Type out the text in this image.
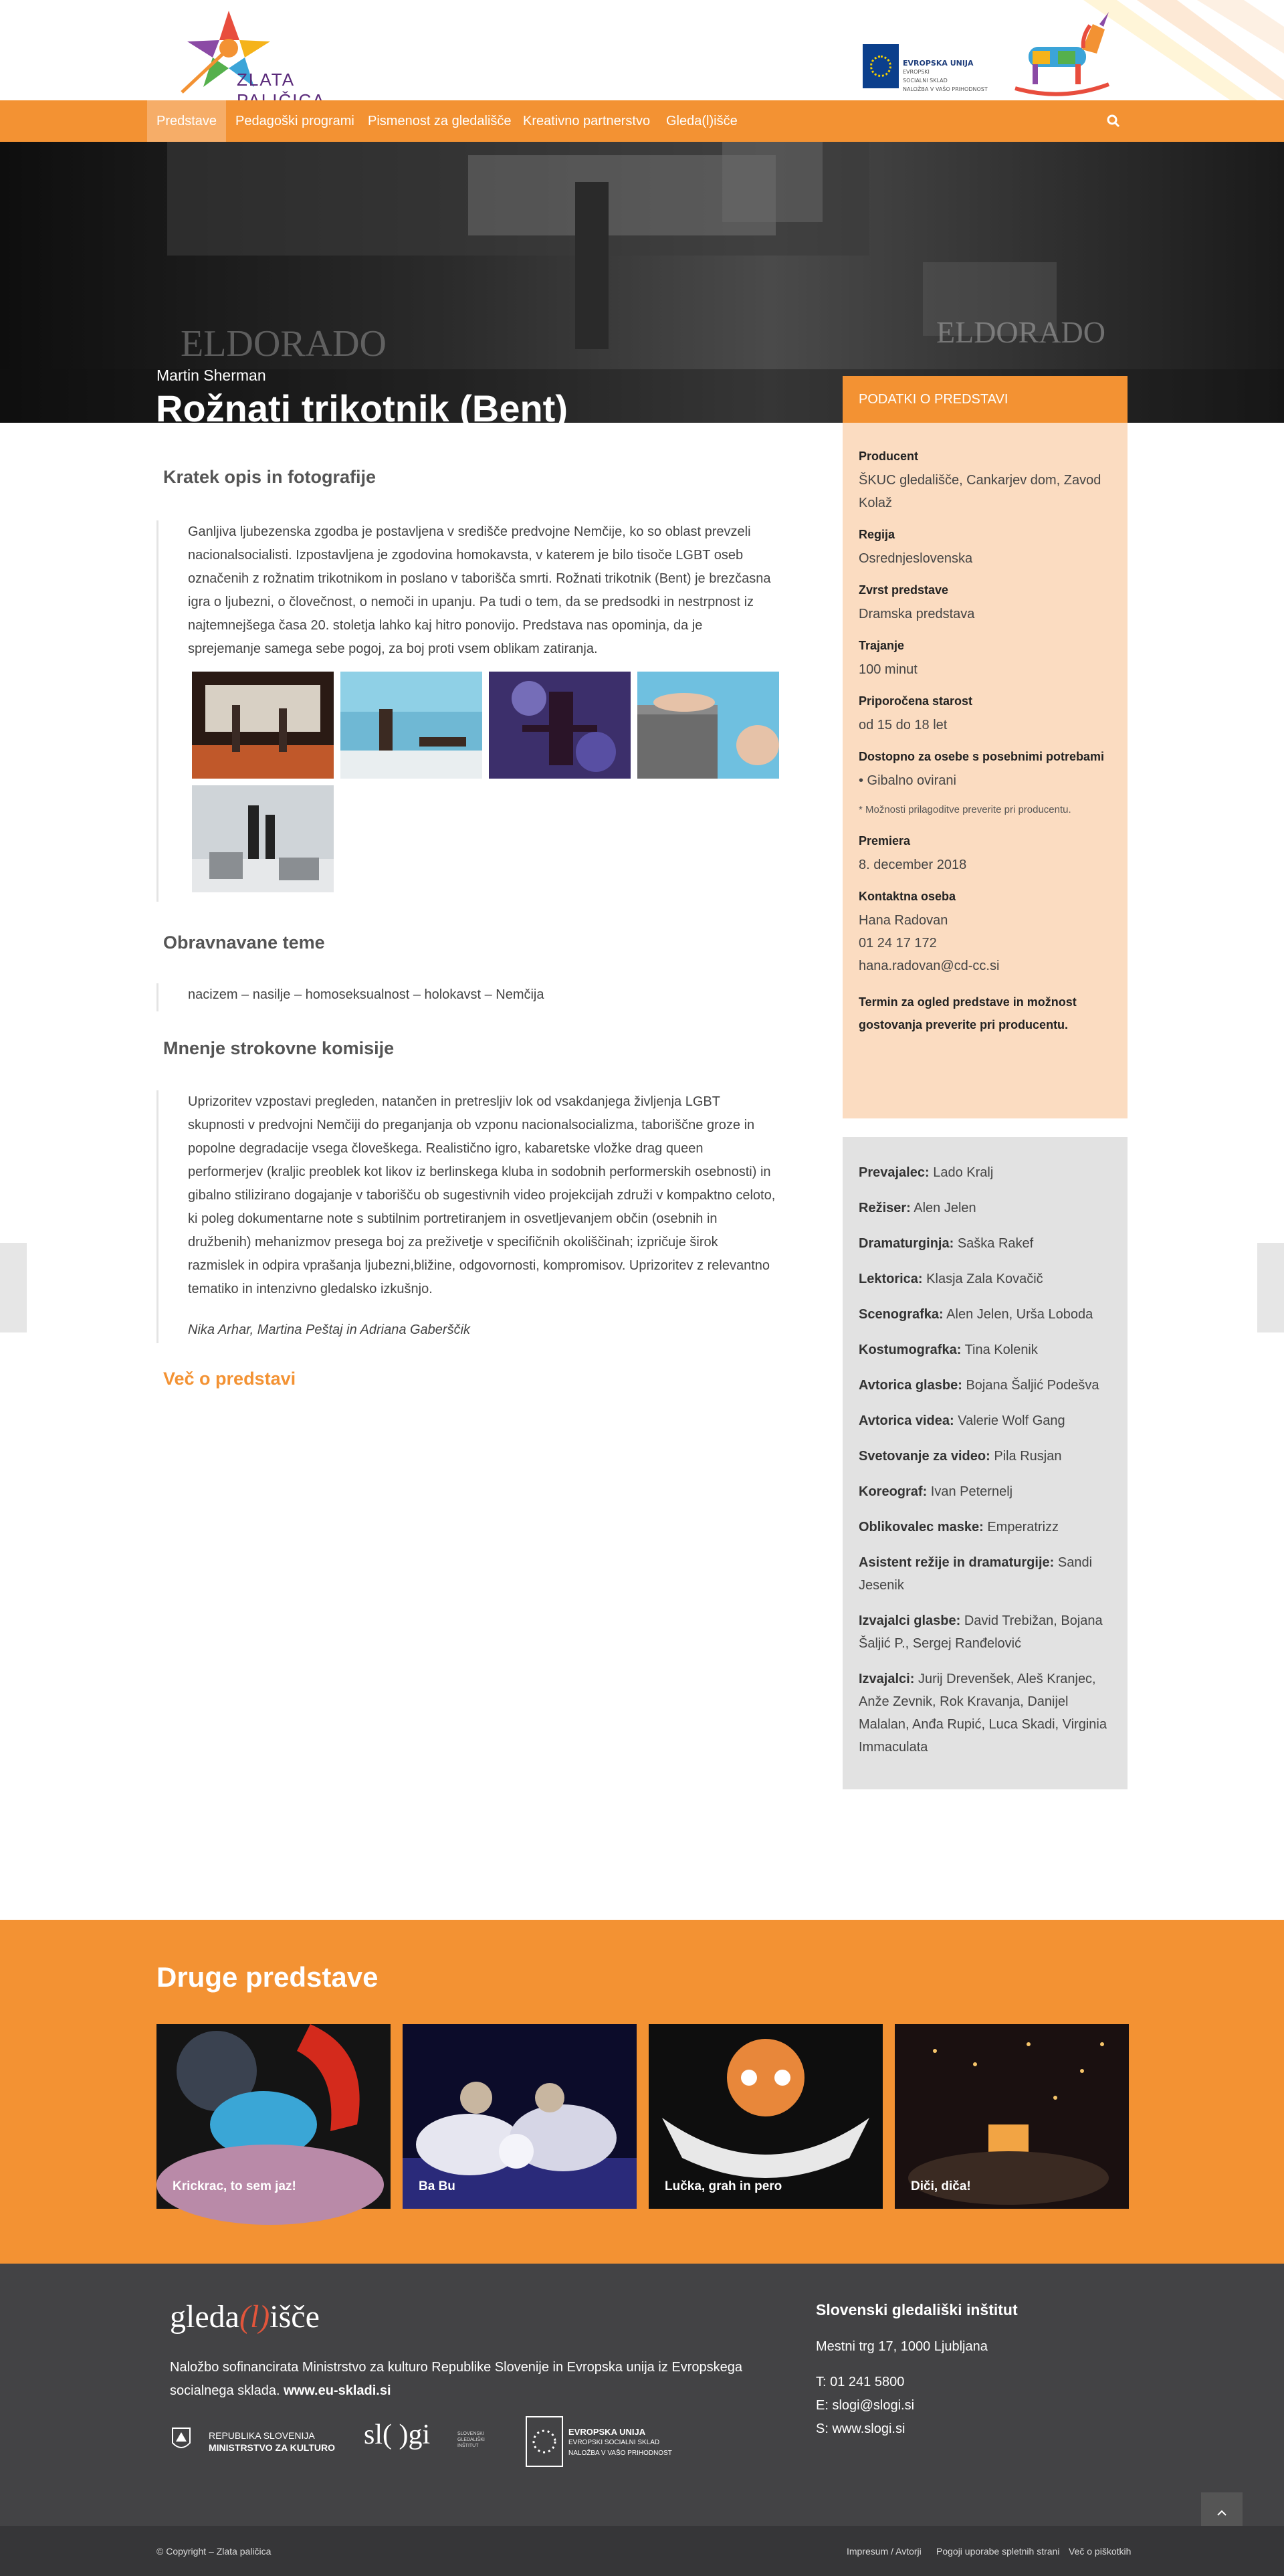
ZLATA
EVROPSKA UNIJA
EVROPSKI
SOCIALNI SKLAD
NALOŽBA V VAŠO PRIHODNOST
Predstave	Pedagoški programi	Pismenost za gledališče Kreativno partnerstvo	Gleda(l)išče
ELDORADO	ELDORADO
Martin Sherman
Rožnati trikotnik (Bent)
Dramska predstava | ŠKUC gledališče, Cankarjev dom, Zavod Kolaž
PODATKI O PREDSTAVI
Producent
ŠKUC gledališče, Cankarjev dom, Zavod Kolaž
Regija
Osrednjeslovenska
Zvrst predstave
Dramska predstava
Trajanje
100 minut
Priporočena starost
od 15 do 18 let
Dostopno za osebe s posebnimi potrebami
• Gibalno ovirani
* Možnosti prilagoditve preverite pri producentu.
Premiera
8. december 2018
Kontaktna oseba
Hana Radovan
01 24 17 172
hana.radovan@cd-cc.si
Termin za ogled predstave in možnost gostovanja preverite pri producentu.
Prevajalec: Lado Kralj
Režiser: Alen Jelen
Dramaturginja: Saška Rakef
Lektorica: Klasja Zala Kovačič
Scenografka: Alen Jelen, Urša Loboda
Kostumografka: Tina Kolenik
Avtorica glasbe: Bojana Šaljić Podešva
Avtorica videa: Valerie Wolf Gang
Svetovanje za video: Pila Rusjan
Koreograf: Ivan Peternelj
Oblikovalec maske: Emperatrizz
Asistent režije in dramaturgije: Sandi Jesenik
Izvajalci glasbe: David Trebižan, Bojana Šaljić P., Sergej Ranđelović
Izvajalci: Jurij Drevenšek, Aleš Kranjec, Anže Zevnik, Rok Kravanja, Danijel Malalan, Anđa Rupić, Luca Skadi, Virginia Immaculata
Kratek opis in fotografije

Ganljiva ljubezenska zgodba je postavljena v središče predvojne Nemčije, ko so oblast prevzeli nacionalsocialisti. Izpostavljena je zgodovina homokavsta, v katerem je bilo tisoče LGBT oseb označenih z rožnatim trikotnikom in poslano v taborišča smrti. Rožnati trikotnik (Bent) je brezčasna igra o ljubezni, o človečnost, o nemoči in upanju. Pa tudi o tem, da se predsodki in nestrpnost iz najtemnejšega časa 20. stoletja lahko kaj hitro ponovijo. Predstava nas opominja, da je sprejemanje samega sebe pogoj, za boj proti vsem oblikam zatiranja.

Obravnavane teme

nacizem – nasilje – homoseksualnost – holokavst – Nemčija

Mnenje strokovne komisije

Uprizoritev vzpostavi pregleden, natančen in pretresljiv lok od vsakdanjega življenja LGBT skupnosti v predvojni Nemčiji do preganjanja ob vzponu nacionalsocializma, taboriščne groze in popolne degradacije vsega človeškega. Realistično igro, kabaretske vložke drag queen performerjev (kraljic preoblek kot likov iz berlinskega kluba in sodobnih performerskih osebnosti) in gibalno stilizirano dogajanje v taborišču ob sugestivnih video projekcijah združi v kompaktno celoto, ki poleg dokumentarne note s subtilnim portretiranjem in osvetljevanjem občin (osebnih in družbenih) mehanizmov presega boj za preživetje v specifičnih okoliščinah; izpričuje širok razmislek in odpira vprašanja ljubezni,bližine, odgovornosti, kompromisov. Uprizoritev z relevantno tematiko in intenzivno gledalsko izkušnjo.

Nika Arhar, Martina Peštaj in Adriana Gaberščik

Več o predstavi
Druge predstave
Krickrac, to sem jaz!	Ba Bu	Lučka, grah in pero	Diči, diča!
gleda(l)išče
Naložbo sofinancirata Ministrstvo za kulturo Republike Slovenije in Evropska unija iz Evropskega socialnega sklada. www.eu-skladi.si
REPUBLIKA SLOVENIJA
MINISTRSTVO ZA KULTURO sl( )gi	SLOVENSKI GLEDALIŠKI INŠTITUT
EVROPSKA UNIJA
EVROPSKI SOCIALNI SKLAD
NALOŽBA V VAŠO PRIHODNOST
Slovenski gledališki inštitut
Mestni trg 17, 1000 Ljubljana
T: 01 241 5800
E: slogi@slogi.si
S: www.slogi.si
© Copyright – Zlata paličica	Impresum / Avtorji Pogoji uporabe spletnih strani Več o piškotkih
